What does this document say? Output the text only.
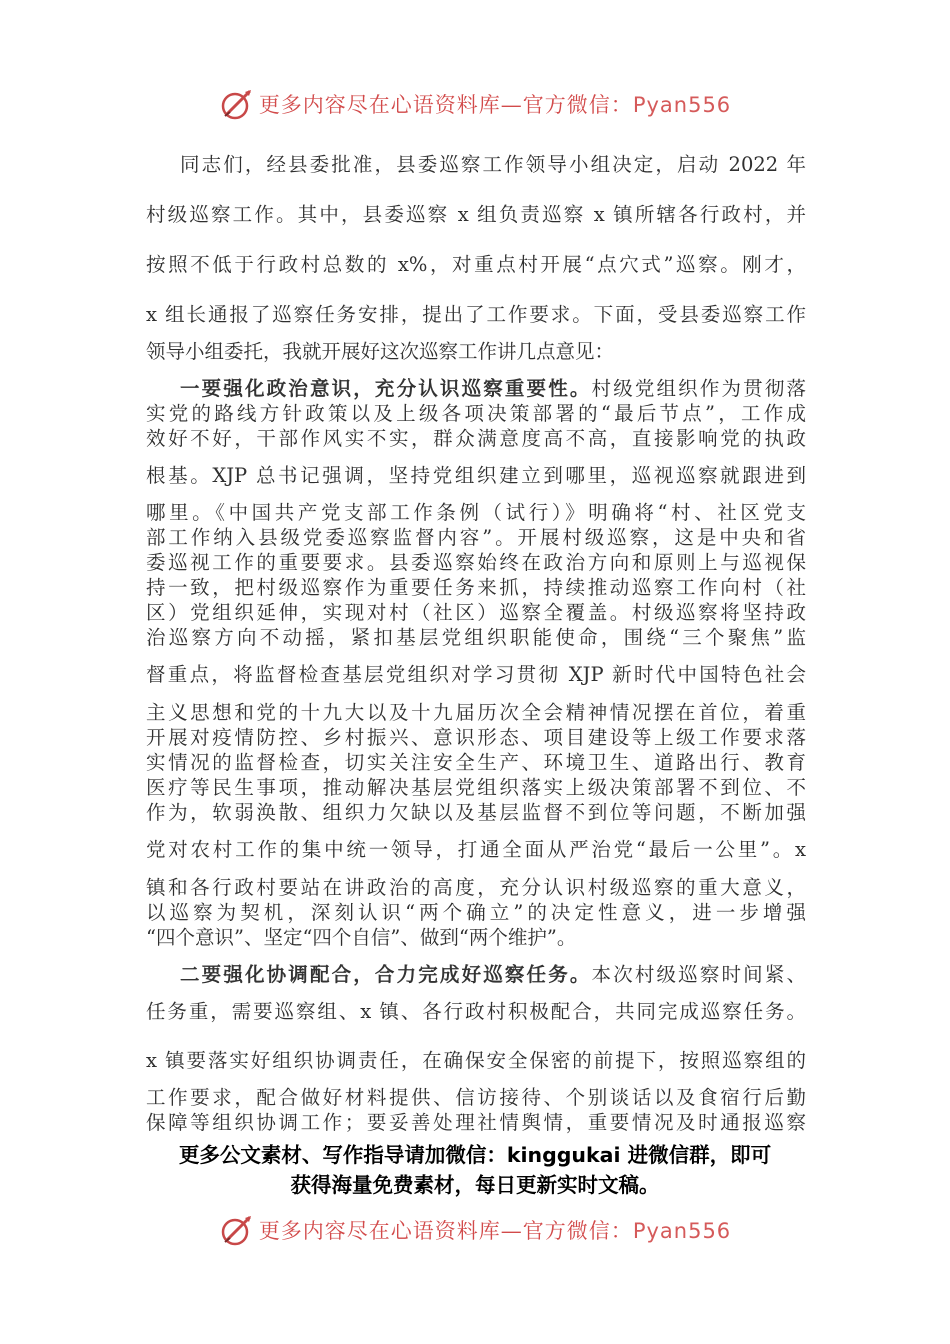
更多内容尽在心语资料库—官方微信：Pyan556
同志们，经县委批准，县委巡察工作领导小组决定，启动 2022 年
村级巡察工作。其中，县委巡察 x 组负责巡察 x 镇所辖各行政村，并
按照不低于行政村总数的 x%，对重点村开展“点穴式”巡察。刚才，
x 组长通报了巡察任务安排，提出了工作要求。下面，受县委巡察工作
领导小组委托，我就开展好这次巡察工作讲几点意见：
一要强化政治意识，充分认识巡察重要性。村级党组织作为贯彻落
实党的路线方针政策以及上级各项决策部署的“最后节点”，工作成
效好不好，干部作风实不实，群众满意度高不高，直接影响党的执政
根基。XJP 总书记强调，坚持党组织建立到哪里，巡视巡察就跟进到
哪里。《中国共产党支部工作条例（试行）》明确将“村、社区党支
部工作纳入县级党委巡察监督内容”。开展村级巡察，这是中央和省
委巡视工作的重要要求。县委巡察始终在政治方向和原则上与巡视保
持一致，把村级巡察作为重要任务来抓，持续推动巡察工作向村（社
区）党组织延伸，实现对村（社区）巡察全覆盖。村级巡察将坚持政
治巡察方向不动摇，紧扣基层党组织职能使命，围绕“三个聚焦”监
督重点，将监督检查基层党组织对学习贯彻 XJP 新时代中国特色社会
主义思想和党的十九大以及十九届历次全会精神情况摆在首位，着重
开展对疫情防控、乡村振兴、意识形态、项目建设等上级工作要求落
实情况的监督检查，切实关注安全生产、环境卫生、道路出行、教育
医疗等民生事项，推动解决基层党组织落实上级决策部署不到位、不
作为，软弱涣散、组织力欠缺以及基层监督不到位等问题，不断加强
党对农村工作的集中统一领导，打通全面从严治党“最后一公里”。x
镇和各行政村要站在讲政治的高度，充分认识村级巡察的重大意义，
以巡察为契机，深刻认识“两个确立”的决定性意义，进一步增强
“四个意识”、坚定“四个自信”、做到“两个维护”。
二要强化协调配合，合力完成好巡察任务。本次村级巡察时间紧、
任务重，需要巡察组、x 镇、各行政村积极配合，共同完成巡察任务。
x 镇要落实好组织协调责任，在确保安全保密的前提下，按照巡察组的
工作要求，配合做好材料提供、信访接待、个别谈话以及食宿行后勤
保障等组织协调工作；要妥善处理社情舆情，重要情况及时通报巡察
更多公文素材、写作指导请加微信：kinggukai 进微信群，即可
获得海量免费素材，每日更新实时文稿。
更多内容尽在心语资料库—官方微信：Pyan556
